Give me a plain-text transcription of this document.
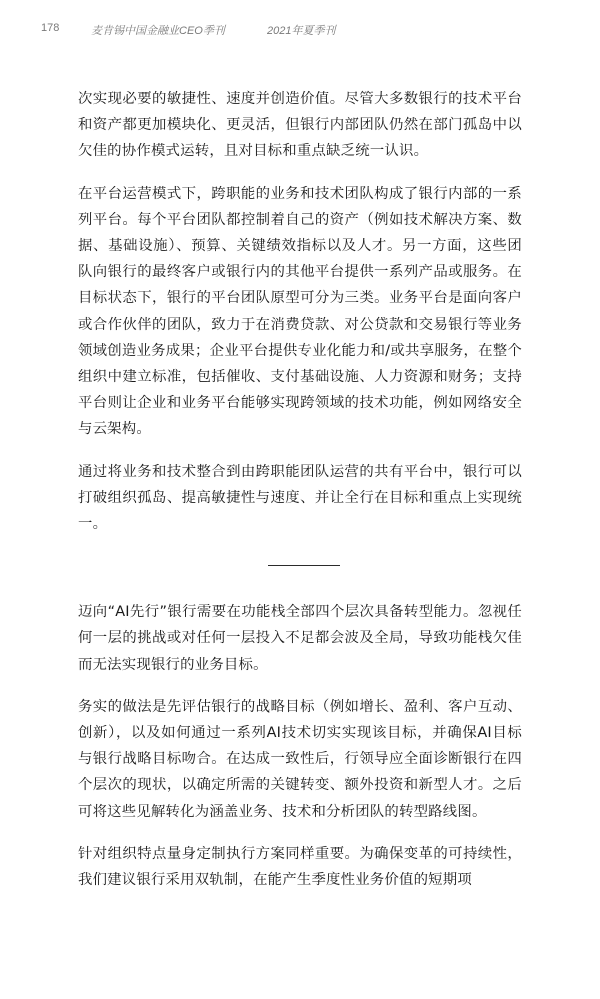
178	麦肯锡中国金融业CEO季刊	2021年夏季刊

次实现必要的敏捷性、速度并创造价值。尽管大多数银行的技术平台和资产都更加模块化、更灵活，但银行内部团队仍然在部门孤岛中以欠佳的协作模式运转，且对目标和重点缺乏统一认识。

在平台运营模式下，跨职能的业务和技术团队构成了银行内部的一系列平台。每个平台团队都控制着自己的资产（例如技术解决方案、数据、基础设施）、预算、关键绩效指标以及人才。另一方面，这些团队向银行的最终客户或银行内的其他平台提供一系列产品或服务。在目标状态下，银行的平台团队原型可分为三类。业务平台是面向客户或合作伙伴的团队，致力于在消费贷款、对公贷款和交易银行等业务领域创造业务成果；企业平台提供专业化能力和/或共享服务，在整个组织中建立标准，包括催收、支付基础设施、人力资源和财务；支持平台则让企业和业务平台能够实现跨领域的技术功能，例如网络安全与云架构。

通过将业务和技术整合到由跨职能团队运营的共有平台中，银行可以打破组织孤岛、提高敏捷性与速度、并让全行在目标和重点上实现统一。

迈向“AI先行”银行需要在功能栈全部四个层次具备转型能力。忽视任何一层的挑战或对任何一层投入不足都会波及全局，导致功能栈欠佳而无法实现银行的业务目标。

务实的做法是先评估银行的战略目标（例如增长、盈利、客户互动、创新），以及如何通过一系列AI技术切实实现该目标，并确保AI目标与银行战略目标吻合。在达成一致性后，行领导应全面诊断银行在四个层次的现状，以确定所需的关键转变、额外投资和新型人才。之后可将这些见解转化为涵盖业务、技术和分析团队的转型路线图。

针对组织特点量身定制执行方案同样重要。为确保变革的可持续性，我们建议银行采用双轨制，在能产生季度性业务价值的短期项
